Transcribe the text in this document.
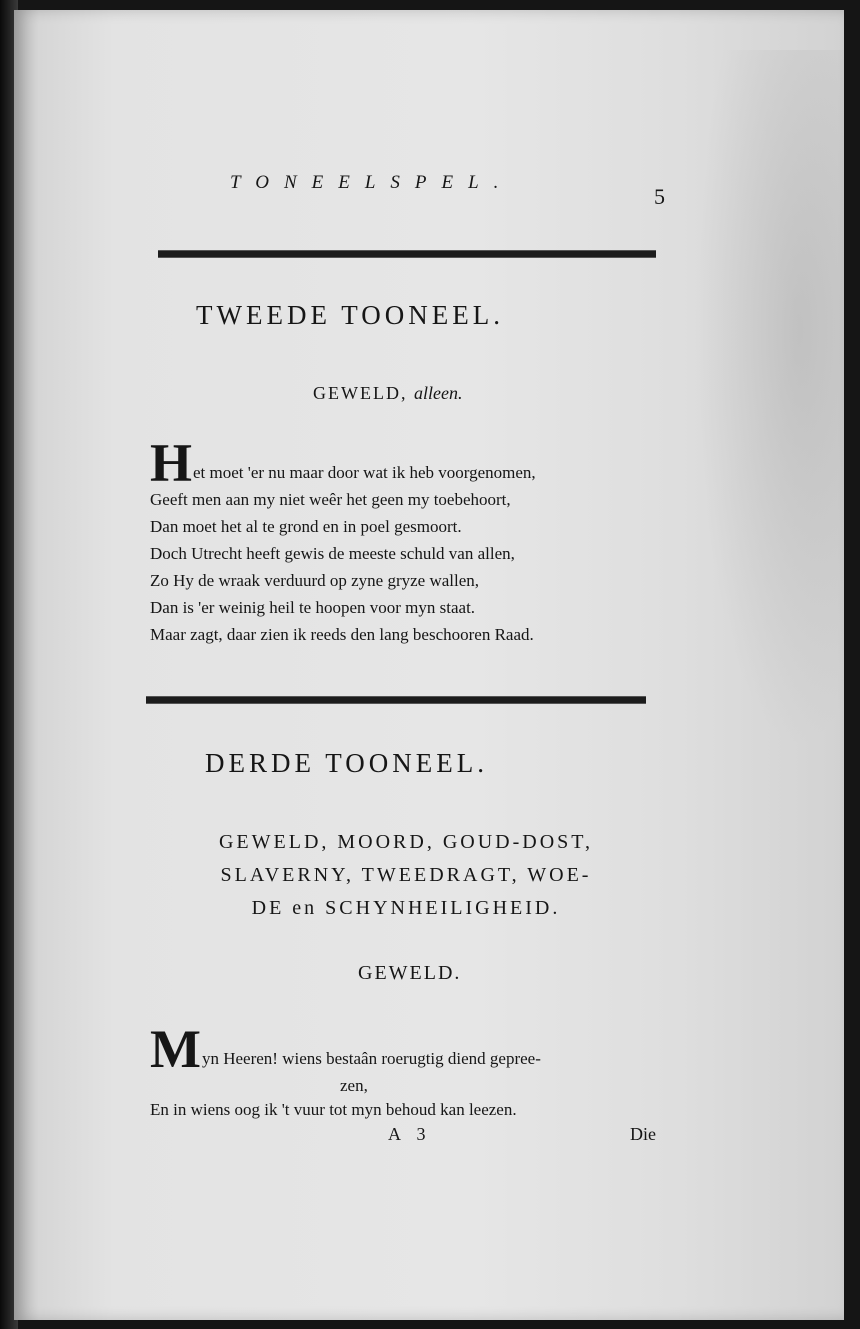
TONEELSPEL.
5
TWEEDE TOONEEL.
GEWELD, alleen.
H et moet 'er nu maar door wat ik heb voorgenomen,
Geeft men aan my niet weêr het geen my toebehoort,
Dan moet het al te grond en in poel gesmoort.
Doch Utrecht heeft gewis de meeste schuld van allen,
Zo Hy de wraak verduurd op zyne gryze wallen,
Dan is 'er weinig heil te hoopen voor myn staat.
Maar zagt, daar zien ik reeds den lang beschooren Raad.
DERDE TOONEEL.
GEWELD, MOORD, GOUD-DOST,
SLAVERNY, TWEEDRAGT, WOE-
DE en SCHYNHEILIGHEID.
GEWELD.
M yn Heeren! wiens bestaân roerugtig diend gepree-
zen,
En in wiens oog ik 't vuur tot myn behoud kan leezen.
A 3	Die
